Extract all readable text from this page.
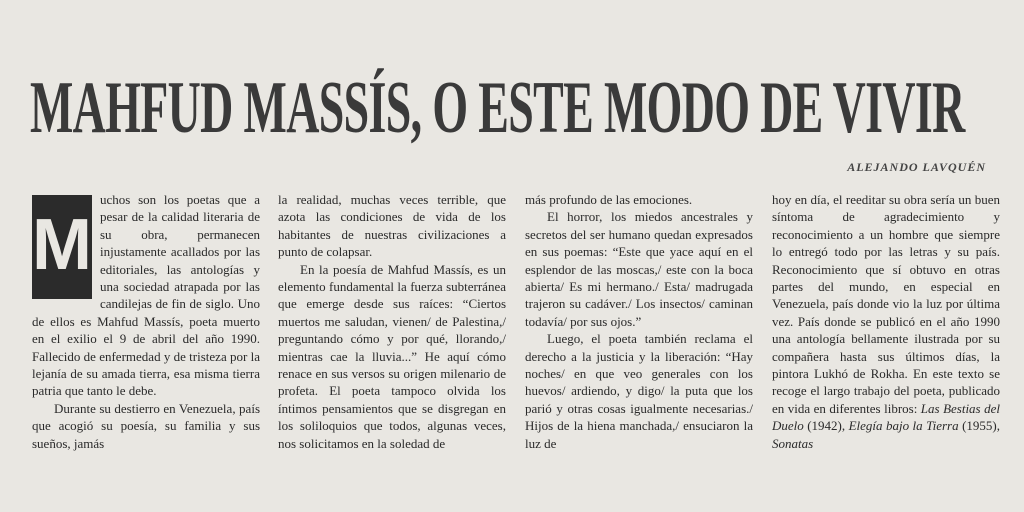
MAHFUD MASSÍS, O ESTE MODO DE VIVIR
ALEJANDO LAVQUÉN

M
uchos son los poetas que a pesar de la calidad literaria de su obra, permanecen injustamente acallados por las editoriales, las antologías y una sociedad atrapada por las candilejas de fin de siglo. Uno de ellos es Mahfud Massís, poeta muerto en el exilio el 9 de abril del año 1990. Fallecido de enfermedad y de tristeza por la lejanía de su amada tierra, esa misma tierra patria que tanto le debe.

Durante su destierro en Venezuela, país que acogió su poesía, su familia y sus sueños, jamás

la realidad, muchas veces terrible, que azota las condiciones de vida de los habitantes de nuestras civilizaciones a punto de colapsar.

En la poesía de Mahfud Massís, es un elemento fundamental la fuerza subterránea que emerge desde sus raíces: “Ciertos muertos me saludan, vienen/ de Palestina,/ preguntando cómo y por qué, llorando,/ mientras cae la lluvia...” He aquí cómo renace en sus versos su origen milenario de profeta. El poeta tampoco olvida los íntimos pensamientos que se disgregan en los soliloquios que todos, algunas veces, nos solicitamos en la soledad de

más profundo de las emociones.

El horror, los miedos ancestrales y secretos del ser humano quedan expresados en sus poemas: “Este que yace aquí en el esplendor de las moscas,/ este con la boca abierta/ Es mi hermano./ Esta/ madrugada trajeron su cadáver./ Los insectos/ caminan todavía/ por sus ojos.”

Luego, el poeta también reclama el derecho a la justicia y la liberación: “Hay noches/ en que veo generales con los huevos/ ardiendo, y digo/ la puta que los parió y otras cosas igualmente necesarias./ Hijos de la hiena manchada,/ ensuciaron la luz de

hoy en día, el reeditar su obra sería un buen síntoma de agradecimiento y reconocimiento a un hombre que siempre lo entregó todo por las letras y su país. Reconocimiento que sí obtuvo en otras partes del mundo, en especial en Venezuela, país donde vio la luz por última vez. País donde se publicó en el año 1990 una antología bellamente ilustrada por su compañera hasta sus últimos días, la pintora Lukhó de Rokha. En este texto se recoge el largo trabajo del poeta, publicado en vida en diferentes libros: Las Bestias del Duelo (1942), Elegía bajo la Tierra (1955), Sonatas
